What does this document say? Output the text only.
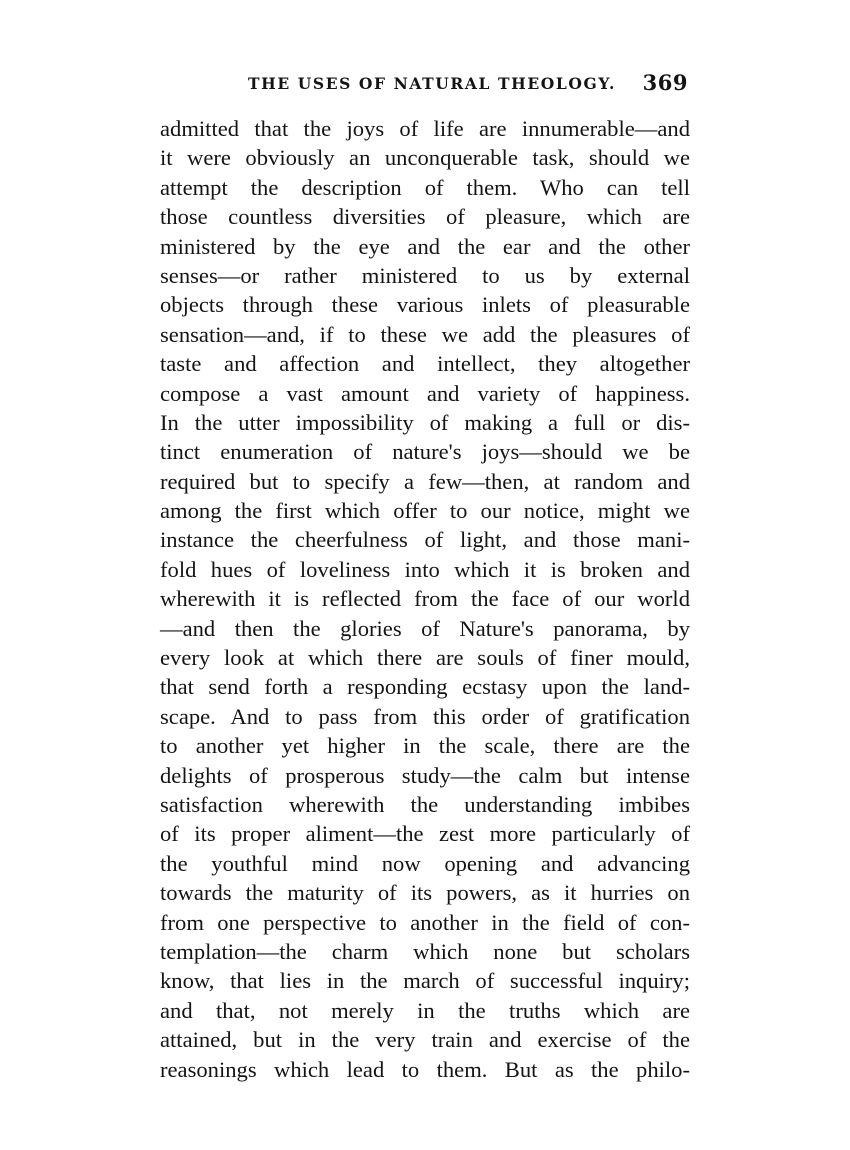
THE USES OF NATURAL THEOLOGY. 369
admitted that the joys of life are innumerable—and
it were obviously an unconquerable task, should we
attempt the description of them. Who can tell
those countless diversities of pleasure, which are
ministered by the eye and the ear and the other
senses—or rather ministered to us by external
objects through these various inlets of pleasurable
sensation—and, if to these we add the pleasures of
taste and affection and intellect, they altogether
compose a vast amount and variety of happiness.
In the utter impossibility of making a full or dis-
tinct enumeration of nature's joys—should we be
required but to specify a few—then, at random and
among the first which offer to our notice, might we
instance the cheerfulness of light, and those mani-
fold hues of loveliness into which it is broken and
wherewith it is reflected from the face of our world
—and then the glories of Nature's panorama, by
every look at which there are souls of finer mould,
that send forth a responding ecstasy upon the land-
scape. And to pass from this order of gratification
to another yet higher in the scale, there are the
delights of prosperous study—the calm but intense
satisfaction wherewith the understanding imbibes
of its proper aliment—the zest more particularly of
the youthful mind now opening and advancing
towards the maturity of its powers, as it hurries on
from one perspective to another in the field of con-
templation—the charm which none but scholars
know, that lies in the march of successful inquiry;
and that, not merely in the truths which are
attained, but in the very train and exercise of the
reasonings which lead to them. But as the philo-
